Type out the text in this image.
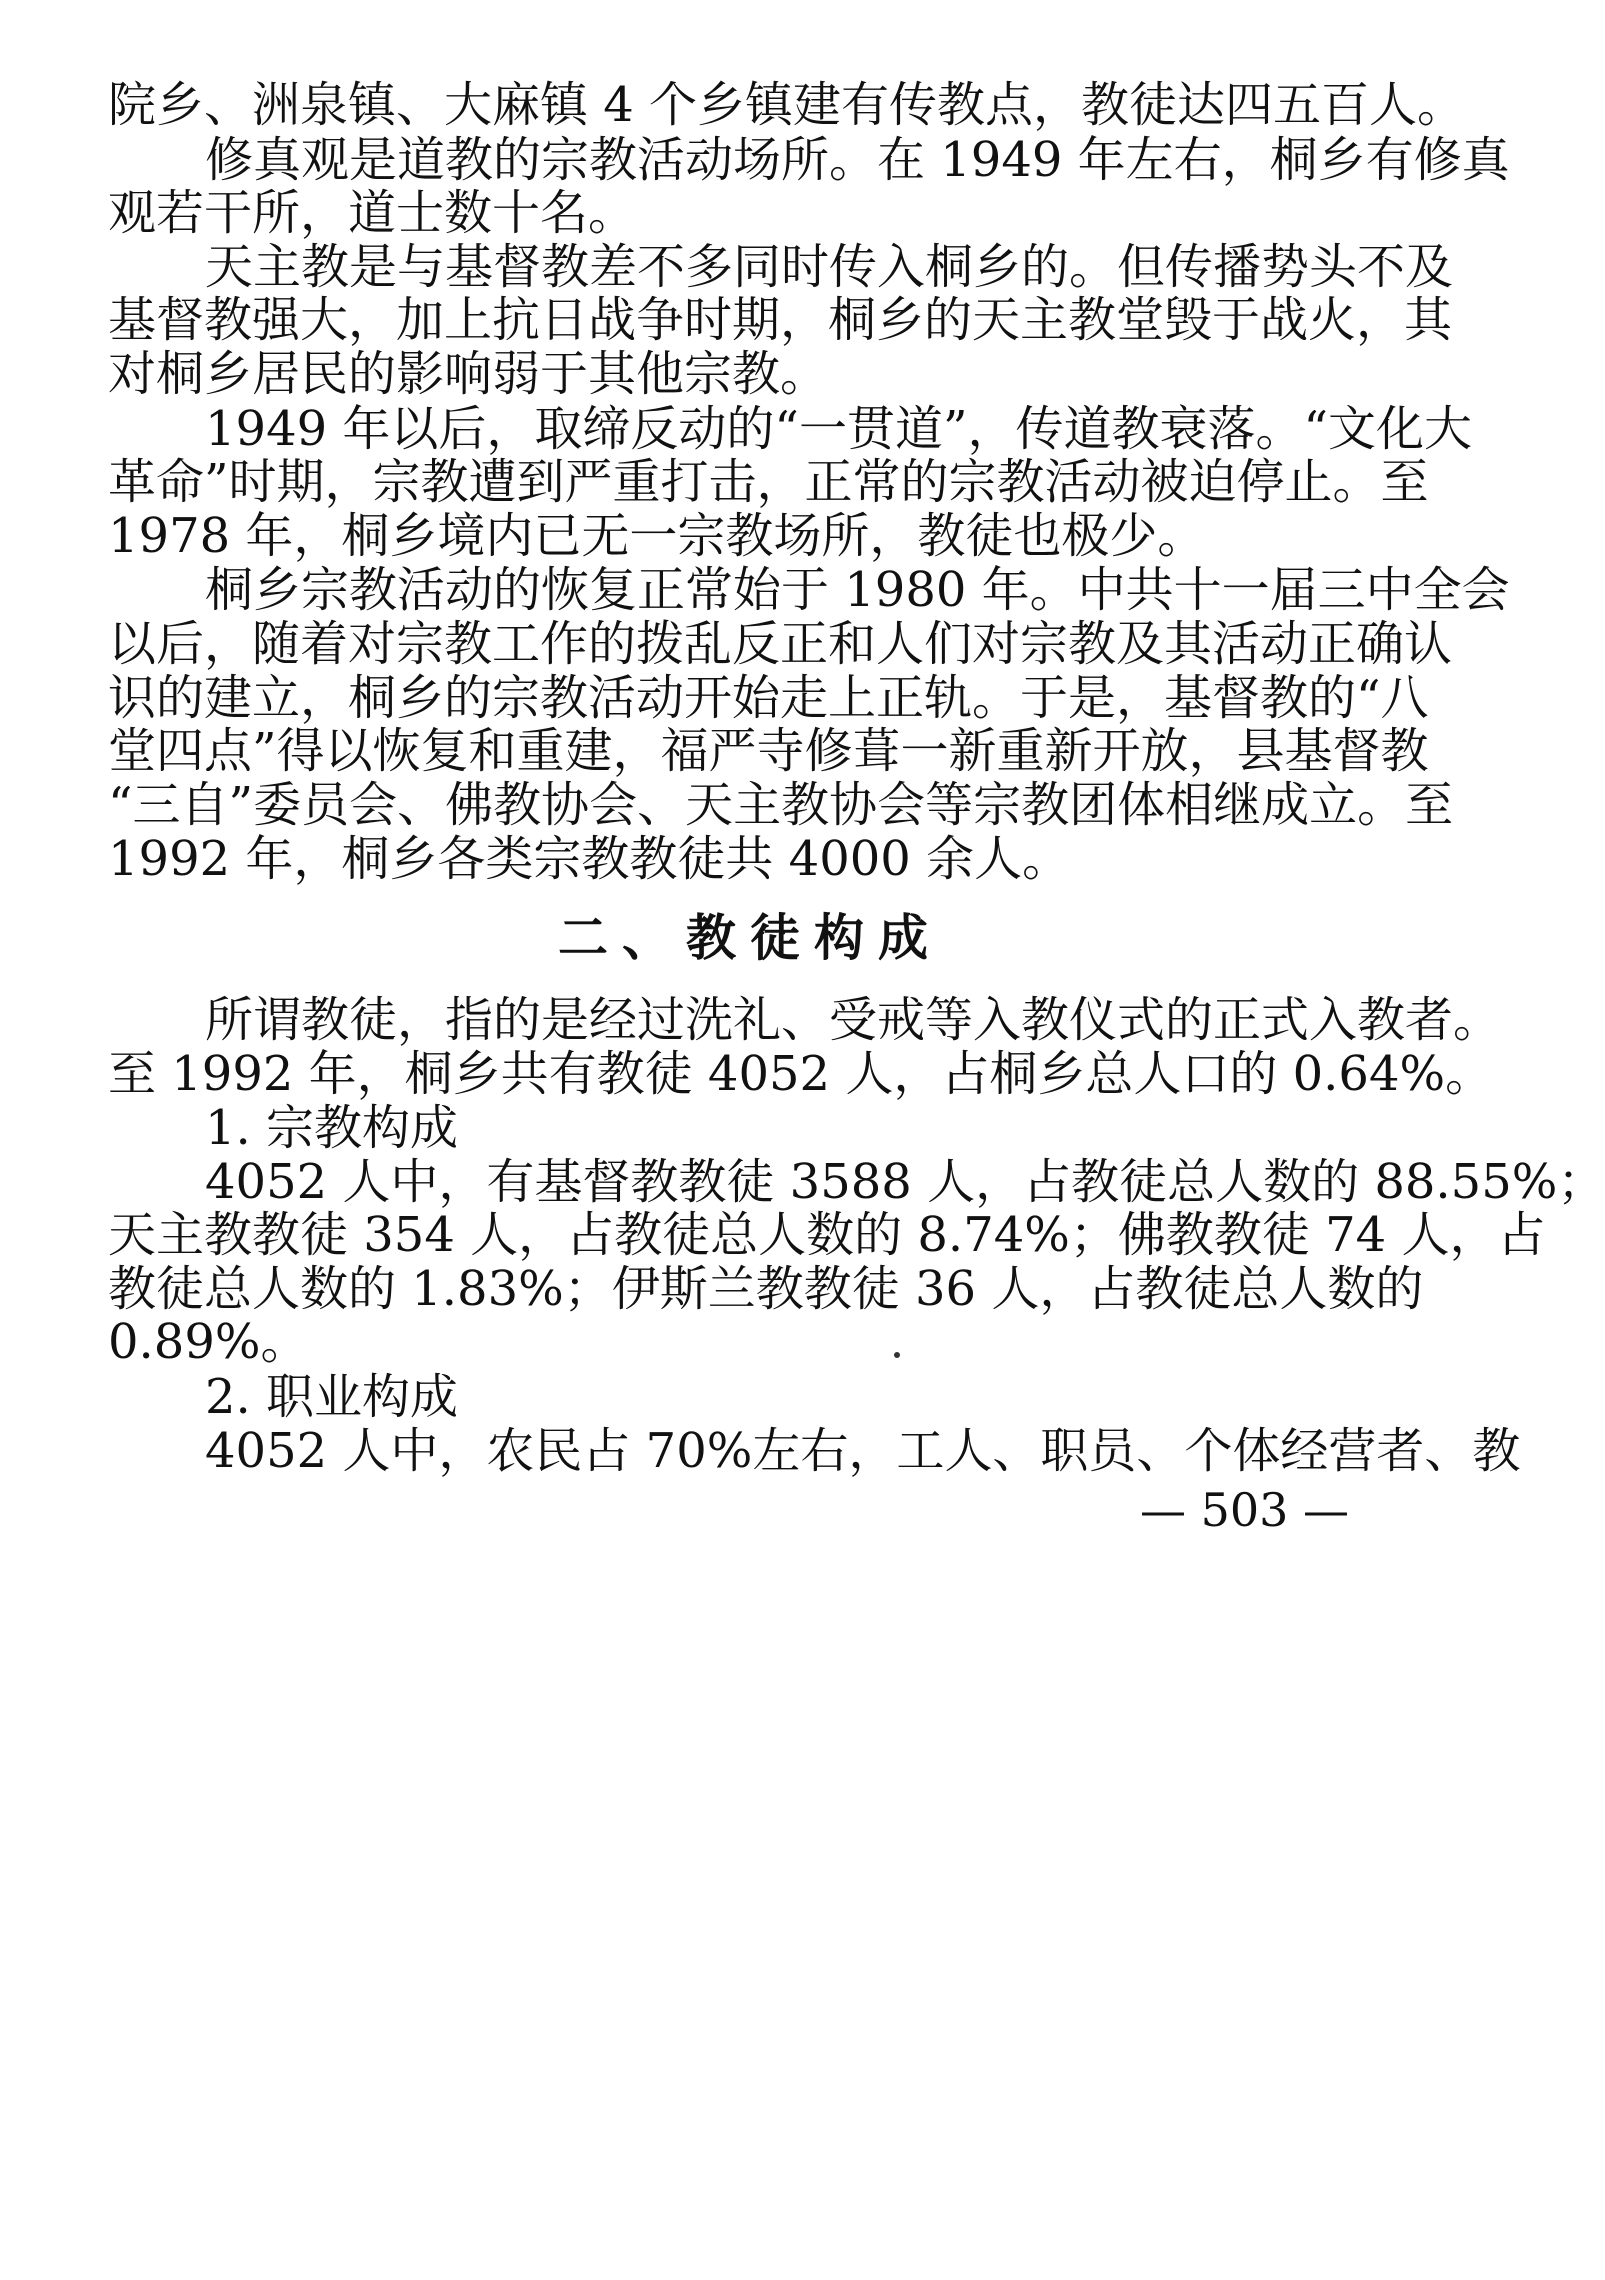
院乡、洲泉镇、大麻镇 4 个乡镇建有传教点，教徒达四五百人。
修真观是道教的宗教活动场所。在 1949 年左右，桐乡有修真
观若干所，道士数十名。
天主教是与基督教差不多同时传入桐乡的。但传播势头不及
基督教强大，加上抗日战争时期，桐乡的天主教堂毁于战火，其
对桐乡居民的影响弱于其他宗教。
1949 年以后，取缔反动的“一贯道”，传道教衰落。“文化大
革命”时期，宗教遭到严重打击，正常的宗教活动被迫停止。至
1978 年，桐乡境内已无一宗教场所，教徒也极少。
桐乡宗教活动的恢复正常始于 1980 年。中共十一届三中全会
以后，随着对宗教工作的拨乱反正和人们对宗教及其活动正确认
识的建立，桐乡的宗教活动开始走上正轨。于是，基督教的“八
堂四点”得以恢复和重建，福严寺修葺一新重新开放，县基督教
“三自”委员会、佛教协会、天主教协会等宗教团体相继成立。至
1992 年，桐乡各类宗教教徒共 4000 余人。
二、教徒构成
所谓教徒，指的是经过洗礼、受戒等入教仪式的正式入教者。
至 1992 年，桐乡共有教徒 4052 人，占桐乡总人口的 0.64%。
1. 宗教构成
4052 人中，有基督教教徒 3588 人，占教徒总人数的 88.55%；
天主教教徒 354 人，占教徒总人数的 8.74%；佛教教徒 74 人，占
教徒总人数的 1.83%；伊斯兰教教徒 36 人，占教徒总人数的
0.89%。
2. 职业构成
4052 人中，农民占 70%左右，工人、职员、个体经营者、教
— 503 —
